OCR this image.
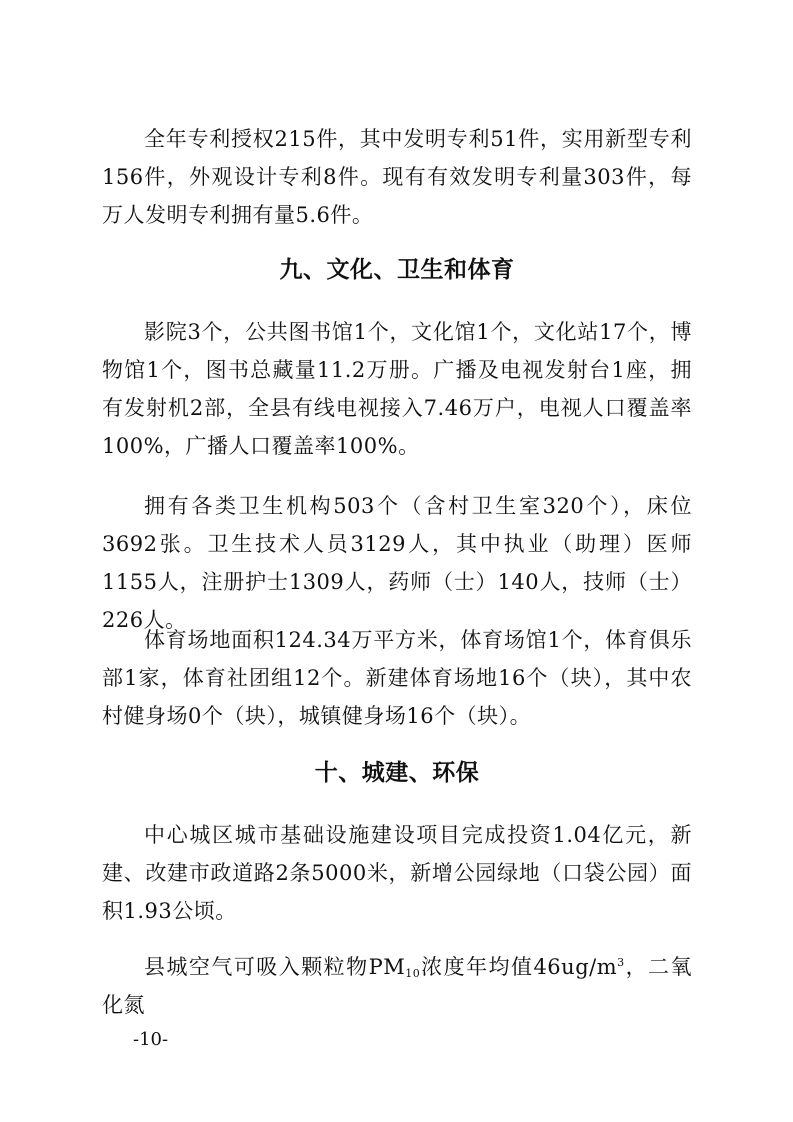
全年专利授权215件，其中发明专利51件，实用新型专利156件，外观设计专利8件。现有有效发明专利量303件，每万人发明专利拥有量5.6件。

九、文化、卫生和体育

影院3个，公共图书馆1个，文化馆1个，文化站17个，博物馆1个，图书总藏量11.2万册。广播及电视发射台1座，拥有发射机2部，全县有线电视接入7.46万户，电视人口覆盖率100%，广播人口覆盖率100%。

拥有各类卫生机构503个（含村卫生室320个），床位3692张。卫生技术人员3129人，其中执业（助理）医师1155人，注册护士1309人，药师（士）140人，技师（士）226人。

体育场地面积124.34万平方米，体育场馆1个，体育俱乐部1家，体育社团组12个。新建体育场地16个（块），其中农村健身场0个（块），城镇健身场16个（块）。

十、城建、环保

中心城区城市基础设施建设项目完成投资1.04亿元，新建、改建市政道路2条5000米，新增公园绿地（口袋公园）面积1.93公顷。

县城空气可吸入颗粒物$PM_{10}$浓度年均值$46ug/m^3$，二氧化氮

-10-
